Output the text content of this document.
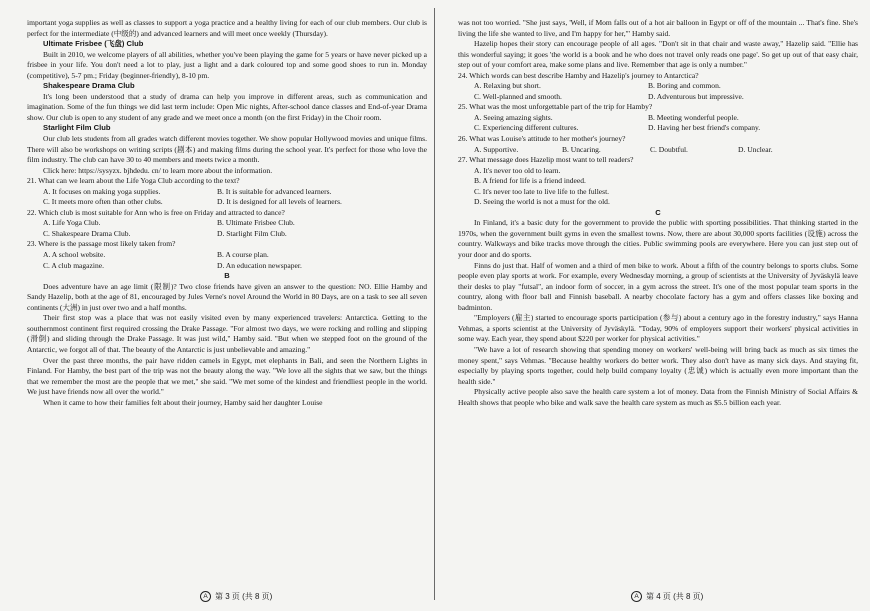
important yoga supplies as well as classes to support a yoga practice and a healthy living for each of our club members. Our club is perfect for the intermediate (中级的) and advanced learners and will meet once weekly (Thursday).

Ultimate Frisbee (飞盘) Club

Built in 2010, we welcome players of all abilities, whether you've been playing the game for 5 years or have never picked up a frisbee in your life. You don't need a lot to play, just a light and a dark coloured top and some good shoes to run in. Monday (competitive), 5-7 pm.; Friday (beginner-friendly), 8-10 pm.

Shakespeare Drama Club

It's long been understood that a study of drama can help you improve in different areas, such as communication and imagination. Some of the fun things we did last term include: Open Mic nights, After-school dance classes and End-of-year Drama show. Our club is open to any student of any grade and we meet once a month (on the first Friday) in the Choir room.

Starlight Film Club

Our club lets students from all grades watch different movies together. We show popular Hollywood movies and unique films. There will also be workshops on writing scripts (剧本) and making films during the school year. It's perfect for those who love the film industry. The club can have 30 to 40 members and meets twice a month.

Click here: https://sysyzx. bjhdedu. cn/ to learn more about the information.

21. What can we learn about the Life Yoga Club according to the text?

A. It focuses on making yoga supplies.	B. It is suitable for advanced learners.
C. It meets more often than other clubs.	D. It is designed for all levels of learners.

22. Which club is most suitable for Ann who is free on Friday and attracted to dance?

A. Life Yoga Club.	B. Ultimate Frisbee Club.
C. Shakespeare Drama Club.	D. Starlight Film Club.

23. Where is the passage most likely taken from?

A. A school website.	B. A course plan.
C. A club magazine.	D. An education newspaper.

B

Does adventure have an age limit (限制)? Two close friends have given an answer to the question: NO. Ellie Hamby and Sandy Hazelip, both at the age of 81, encouraged by Jules Verne's novel Around the World in 80 Days, are on a task to see all seven continents (大洲) in just over two and a half months.

Their first stop was a place that was not easily visited even by many experienced travelers: Antarctica. Getting to the southernmost continent first required crossing the Drake Passage. "For almost two days, we were rocking and rolling and slipping (滑倒) and sliding through the Drake Passage. It was just wild," Hamby said. "But when we stepped foot on the ground of the Antarctic, we forgot all of that. The beauty of the Antarctic is just unbelievable and amazing."

Over the past three months, the pair have ridden camels in Egypt, met elephants in Bali, and seen the Northern Lights in Finland. For Hamby, the best part of the trip was not the beauty along the way. "We love all the sights that we saw, but the things that we remember the most are the people that we met," she said. "We met some of the kindest and friendliest people in the world. We just have friends now all over the world."

When it came to how their families felt about their journey, Hamby said her daughter Louise

was not too worried. "She just says, 'Well, if Mom falls out of a hot air balloon in Egypt or off of the mountain ... That's fine. She's living the life she wanted to live, and I'm happy for her,'" Hamby said.

Hazelip hopes their story can encourage people of all ages. "Don't sit in that chair and waste away," Hazelip said. "Ellie has this wonderful saying; it goes 'the world is a book and he who does not travel only reads one page'. So get up out of that easy chair, step out of your comfort area, make some plans and live. Remember that age is only a number."

24. Which words can best describe Hamby and Hazelip's journey to Antarctica?

A. Relaxing but short.	B. Boring and common.
C. Well-planned and smooth.	D. Adventurous but impressive.

25. What was the most unforgettable part of the trip for Hamby?

A. Seeing amazing sights.	B. Meeting wonderful people.
C. Experiencing different cultures.	D. Having her best friend's company.

26. What was Louise's attitude to her mother's journey?

A. Supportive.	B. Uncaring.	C. Doubtful.	D. Unclear.

27. What message does Hazelip most want to tell readers?

A. It's never too old to learn.

B. A friend for life is a friend indeed.

C. It's never too late to live life to the fullest.

D. Seeing the world is not a must for the old.

C

In Finland, it's a basic duty for the government to provide the public with sporting possibilities. That thinking started in the 1970s, when the government built gyms in even the smallest towns. Now, there are about 30,000 sports facilities (设施) across the country. Walkways and bike tracks move through the cities. Public swimming pools are everywhere. Here you can just step out of your door and do sports.

Finns do just that. Half of women and a third of men bike to work. About a fifth of the country belongs to sports clubs. Some people even play sports at work. For example, every Wednesday morning, a group of scientists at the University of Jyväskylä leave their desks to play "futsal", an indoor form of soccer, in a gym across the street. It's one of the most popular team sports in the country, along with floor ball and Finnish baseball. A nearby chocolate factory has a gym and offers classes like boxing and badminton.

"Employers (雇主) started to encourage sports participation (参与) about a century ago in the forestry industry," says Hanna Vehmas, a sports scientist at the University of Jyväskylä. "Today, 90% of employers support their workers' physical activities in some way. Each year, they spend about $220 per worker for physical activities."

"We have a lot of research showing that spending money on workers' well-being will bring back as much as six times the money spent," says Vehmas. "Because healthy workers do better work. They also don't have as many sick days. And staying fit, especially by playing sports together, could help build company loyalty (忠诚) which is actually even more important than the health side."

Physically active people also save the health care system a lot of money. Data from the Finnish Ministry of Social Affairs & Health shows that people who bike and walk save the health care system as much as $5.5 billion each year.

A 第 3 页 (共 8 页)	A 第 4 页 (共 8 页)
